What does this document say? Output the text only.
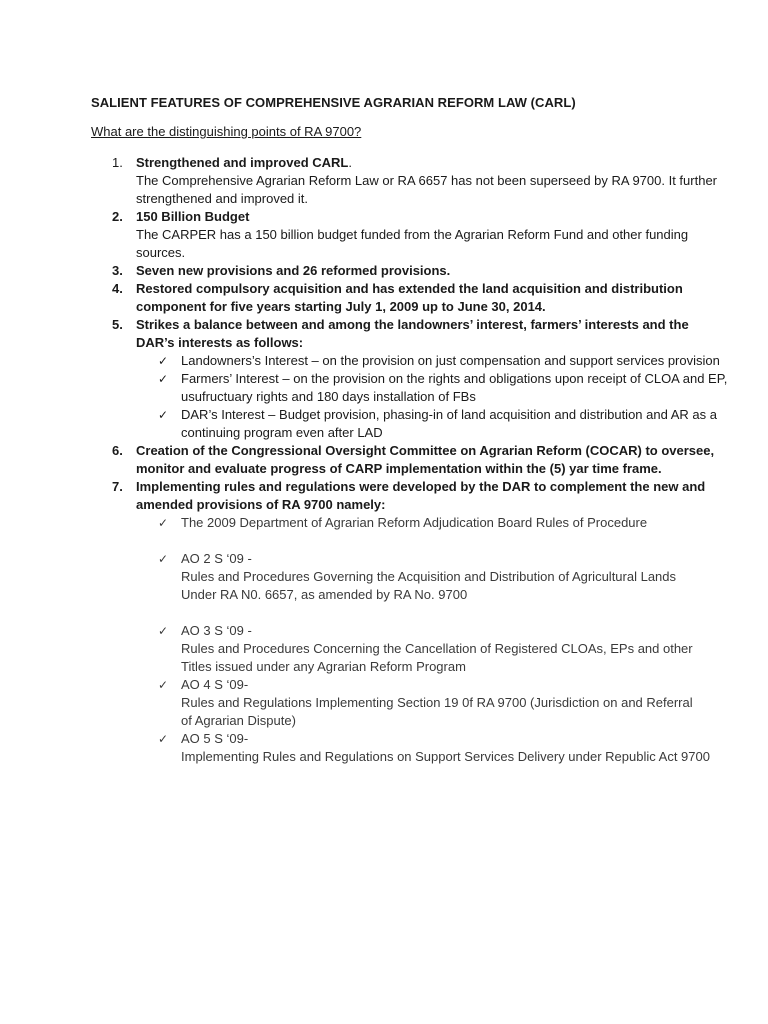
SALIENT FEATURES OF COMPREHENSIVE AGRARIAN REFORM LAW (CARL)
What are the distinguishing points of RA 9700?
1. Strengthened and improved CARL.
The Comprehensive Agrarian Reform Law or RA 6657 has not been superseed by RA 9700. It further strengthened and improved it.
2. 150 Billion Budget
The CARPER has a 150 billion budget funded from the Agrarian Reform Fund and other funding sources.
3. Seven new provisions and 26 reformed provisions.
4. Restored compulsory acquisition and has extended the land acquisition and distribution component for five years starting July 1, 2009 up to June 30, 2014.
5. Strikes a balance between and among the landowners’ interest, farmers’ interests and the DAR’s interests as follows:
✓ Landowners’s Interest – on the provision on just compensation and support services provision

✓ Farmers’ Interest – on the provision on the rights and obligations upon receipt of CLOA and EP, usufructuary rights and 180 days installation of FBs

✓ DAR’s Interest – Budget provision, phasing-in of land acquisition and distribution and AR as a continuing program even after LAD

6. Creation of the Congressional Oversight Committee on Agrarian Reform (COCAR) to oversee, monitor and evaluate progress of CARP implementation within the (5) yar time frame.
7. Implementing rules and regulations were developed by the DAR to complement the new and amended provisions of RA 9700 namely:
✓ The 2009 Department of Agrarian Reform Adjudication Board Rules of Procedure

✓ AO 2 S ‘09 -

Rules and Procedures Governing the Acquisition and Distribution of Agricultural Lands

Under RA N0. 6657, as amended by RA No. 9700

✓ AO 3 S ‘09 -

Rules and Procedures Concerning the Cancellation of Registered CLOAs, EPs and other

Titles issued under any Agrarian Reform Program

✓ AO 4 S ‘09-

Rules and Regulations Implementing Section 19 0f RA 9700 (Jurisdiction on and Referral

of Agrarian Dispute)

✓ AO 5 S ‘09-

Implementing Rules and Regulations on Support Services Delivery under Republic Act 9700
